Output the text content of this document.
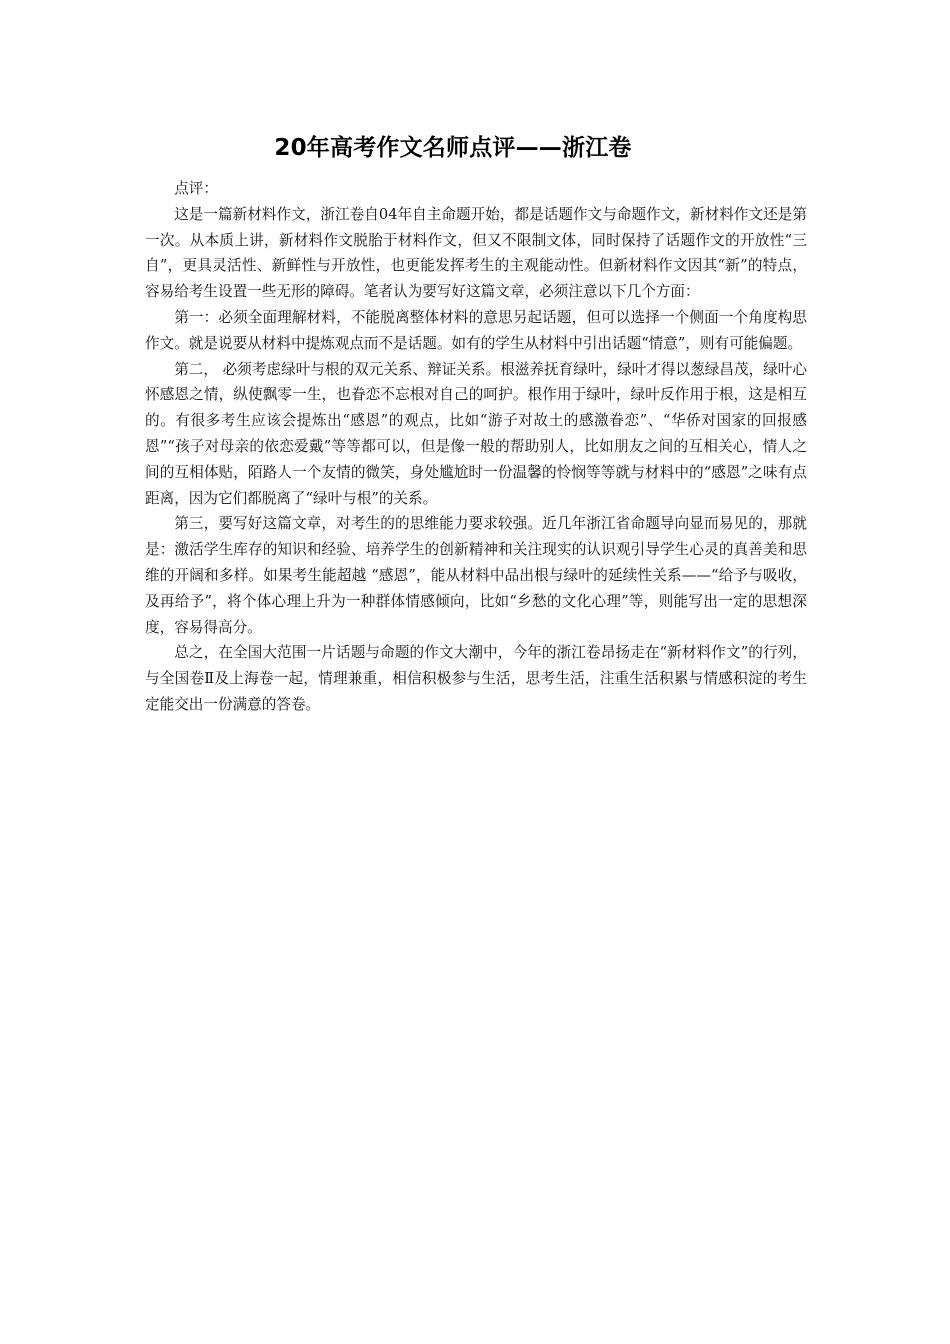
20年高考作文名师点评——浙江卷

点评：

这是一篇新材料作文，浙江卷自04年自主命题开始，都是话题作文与命题作文，新材料作文还是第一次。从本质上讲，新材料作文脱胎于材料作文，但又不限制文体，同时保持了话题作文的开放性“三自”，更具灵活性、新鲜性与开放性，也更能发挥考生的主观能动性。但新材料作文因其“新”的特点，容易给考生设置一些无形的障碍。笔者认为要写好这篇文章，必须注意以下几个方面：

第一：必须全面理解材料，不能脱离整体材料的意思另起话题，但可以选择一个侧面一个角度构思作文。就是说要从材料中提炼观点而不是话题。如有的学生从材料中引出话题“情意”，则有可能偏题。

第二， 必须考虑绿叶与根的双元关系、辩证关系。根滋养抚育绿叶，绿叶才得以葱绿昌茂，绿叶心怀感恩之情，纵使飘零一生，也眷恋不忘根对自己的呵护。根作用于绿叶，绿叶反作用于根，这是相互的。有很多考生应该会提炼出“感恩”的观点，比如“游子对故土的感激眷恋”、“华侨对国家的回报感恩”“孩子对母亲的依恋爱戴”等等都可以，但是像一般的帮助别人，比如朋友之间的互相关心，情人之间的互相体贴，陌路人一个友情的微笑，身处尴尬时一份温馨的怜悯等等就与材料中的“感恩”之味有点距离，因为它们都脱离了“绿叶与根”的关系。

第三，要写好这篇文章，对考生的的思维能力要求较强。近几年浙江省命题导向显而易见的，那就是：激活学生库存的知识和经验、培养学生的创新精神和关注现实的认识观引导学生心灵的真善美和思维的开阔和多样。如果考生能超越 “感恩”，能从材料中品出根与绿叶的延续性关系——“给予与吸收，及再给予”，将个体心理上升为一种群体情感倾向，比如“乡愁的文化心理”等，则能写出一定的思想深度，容易得高分。

总之，在全国大范围一片话题与命题的作文大潮中，今年的浙江卷昂扬走在“新材料作文”的行列，与全国卷Ⅱ及上海卷一起，情理兼重，相信积极参与生活，思考生活，注重生活积累与情感积淀的考生定能交出一份满意的答卷。
